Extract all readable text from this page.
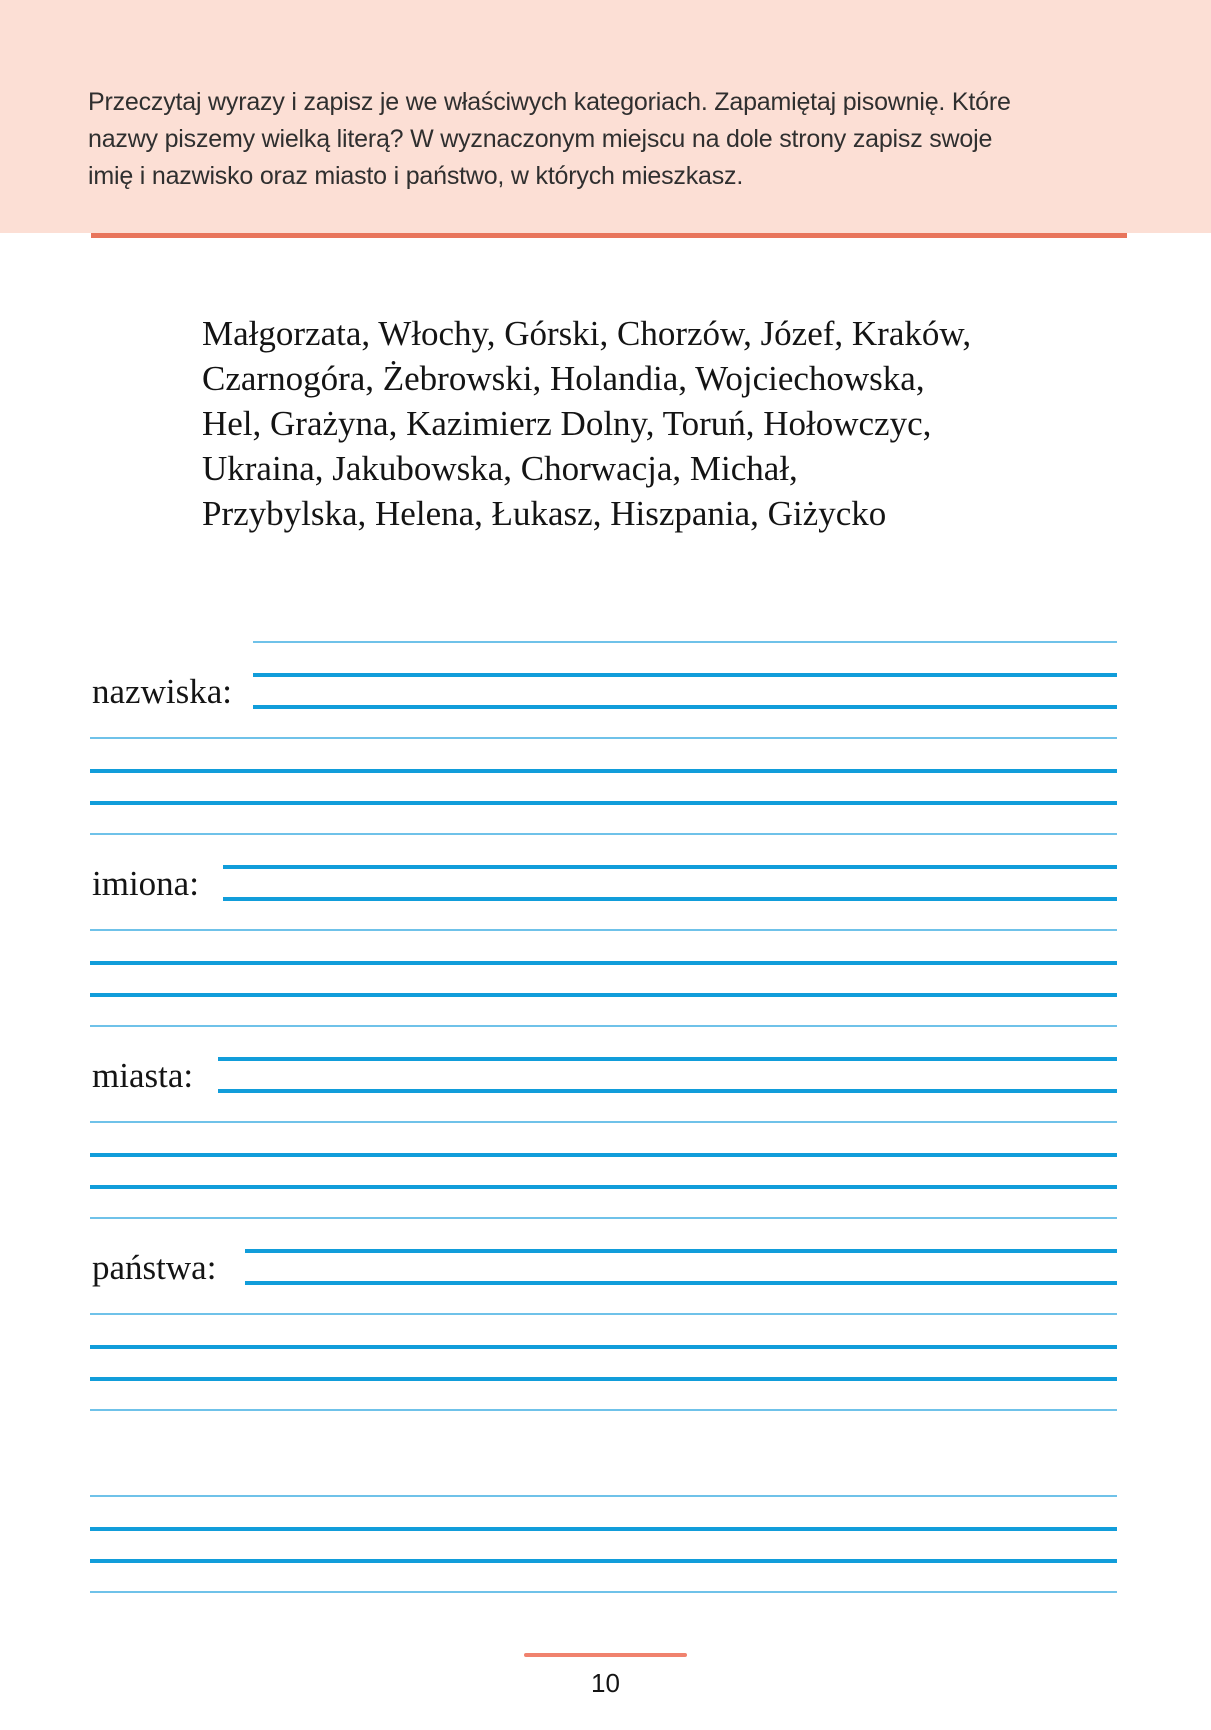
Przeczytaj wyrazy i zapisz je we właściwych kategoriach. Zapamiętaj pisownię. Które
nazwy piszemy wielką literą? W wyznaczonym miejscu na dole strony zapisz swoje
imię i nazwisko oraz miasto i państwo, w których mieszkasz.
Małgorzata, Włochy, Górski, Chorzów, Józef, Kraków,
Czarnogóra, Żebrowski, Holandia, Wojciechowska,
Hel, Grażyna, Kazimierz Dolny, Toruń, Hołowczyc,
Ukraina, Jakubowska, Chorwacja, Michał,
Przybylska, Helena, Łukasz, Hiszpania, Giżycko
nazwiska:
imiona:
miasta:
państwa:
10
